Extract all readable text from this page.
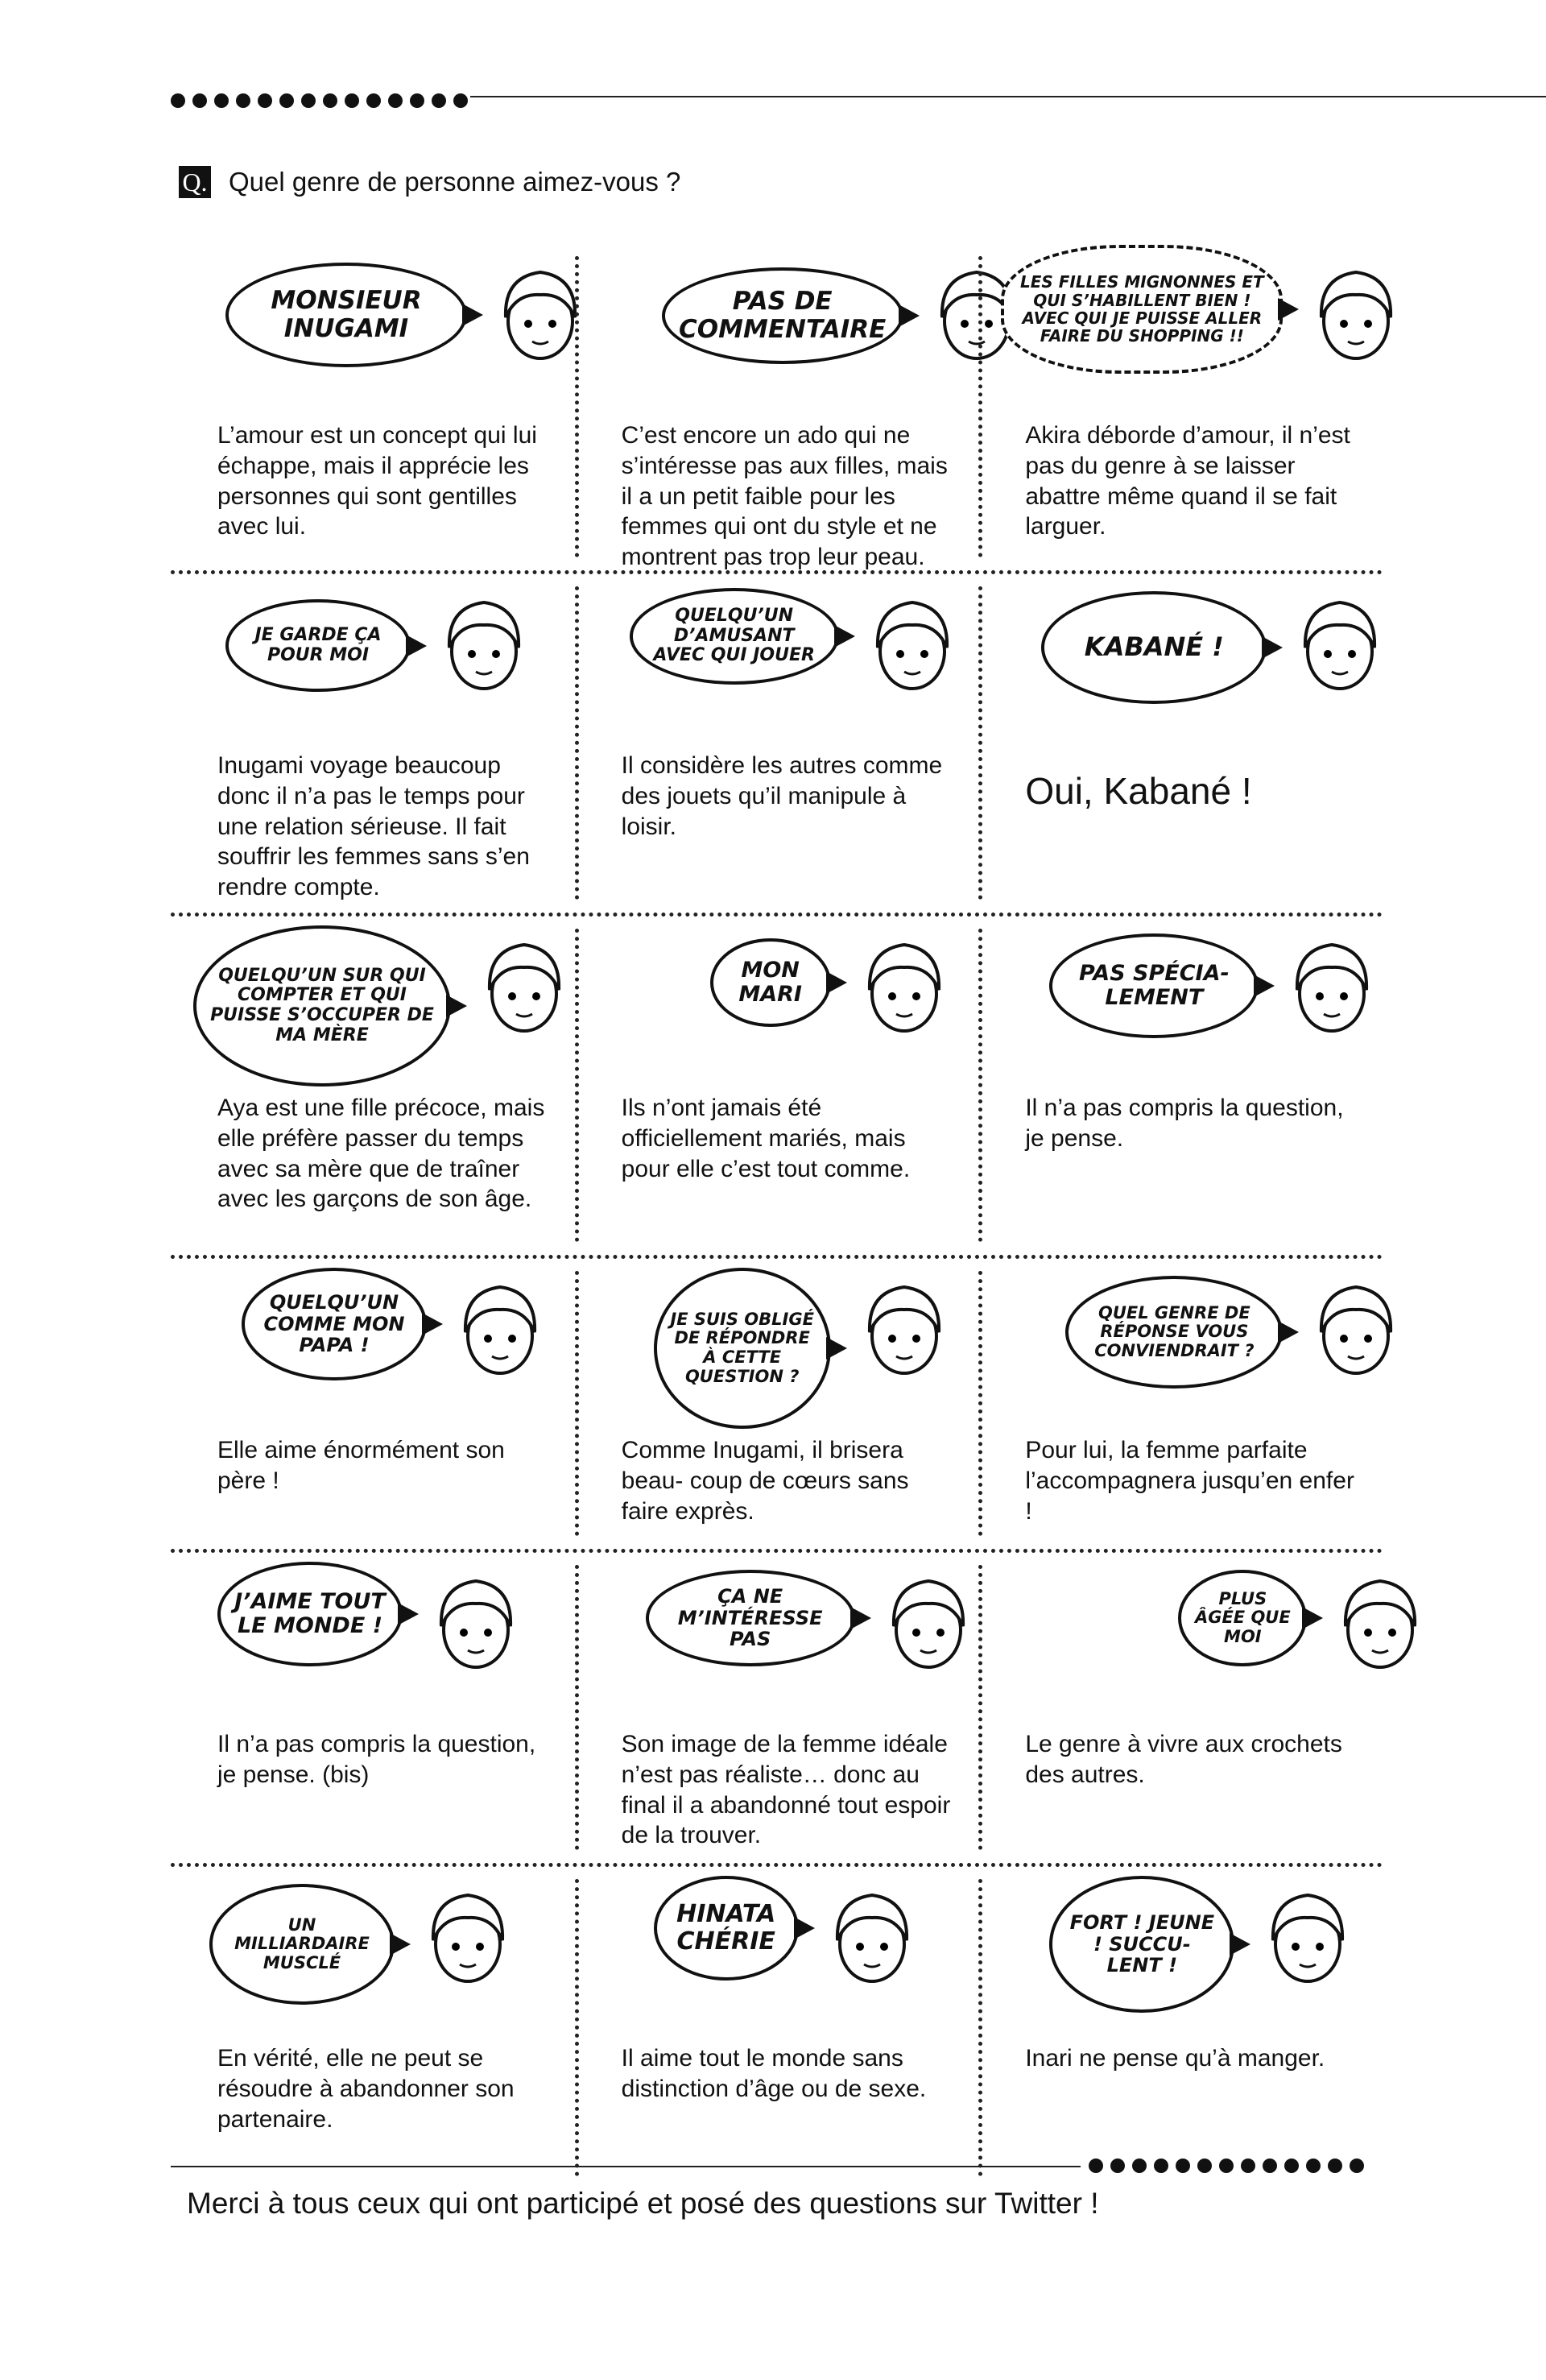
Q. Quel genre de personne aimez-vous ?
MONSIEUR INUGAMI
L’amour est un concept qui lui échappe, mais il apprécie les personnes qui sont gentilles avec lui.
PAS DE COMMENTAIRE
C’est encore un ado qui ne s’intéresse pas aux filles, mais il a un petit faible pour les femmes qui ont du style et ne montrent pas trop leur peau.
LES FILLES MIGNONNES ET QUI S’HABILLENT BIEN ! AVEC QUI JE PUISSE ALLER FAIRE DU SHOPPING !!
Akira déborde d’amour, il n’est pas du genre à se laisser abattre même quand il se fait larguer.
JE GARDE ÇA POUR MOI
Inugami voyage beaucoup donc il n’a pas le temps pour une relation sérieuse. Il fait souffrir les femmes sans s’en rendre compte.
QUELQU’UN D’AMUSANT AVEC QUI JOUER
Il considère les autres comme des jouets qu’il manipule à loisir.
KABANÉ !
Oui, Kabané !
QUELQU’UN SUR QUI COMPTER ET QUI PUISSE S’OCCUPER DE MA MÈRE
Aya est une fille précoce, mais elle préfère passer du temps avec sa mère que de traîner avec les garçons de son âge.
MON MARI
Ils n’ont jamais été officiellement mariés, mais pour elle c’est tout comme.
PAS SPÉCIA- LEMENT
Il n’a pas compris la question, je pense.
QUELQU’UN COMME MON PAPA !
Elle aime énormément son père !
JE SUIS OBLIGÉ DE RÉPONDRE À CETTE QUESTION ?
Comme Inugami, il brisera beau- coup de cœurs sans faire exprès.
QUEL GENRE DE RÉPONSE VOUS CONVIENDRAIT ?
Pour lui, la femme parfaite l’accompagnera jusqu’en enfer !
J’AIME TOUT LE MONDE !
Il n’a pas compris la question, je pense. (bis)
ÇA NE M’INTÉRESSE PAS
Son image de la femme idéale n’est pas réaliste… donc au final il a abandonné tout espoir de la trouver.
PLUS ÂGÉE QUE MOI
Le genre à vivre aux crochets des autres.
UN MILLIARDAIRE MUSCLÉ
En vérité, elle ne peut se résoudre à abandonner son partenaire.
HINATA CHÉRIE
Il aime tout le monde sans distinction d’âge ou de sexe.
FORT ! JEUNE ! SUCCU- LENT !
Inari ne pense qu’à manger.
Merci à tous ceux qui ont participé et posé des questions sur Twitter !
